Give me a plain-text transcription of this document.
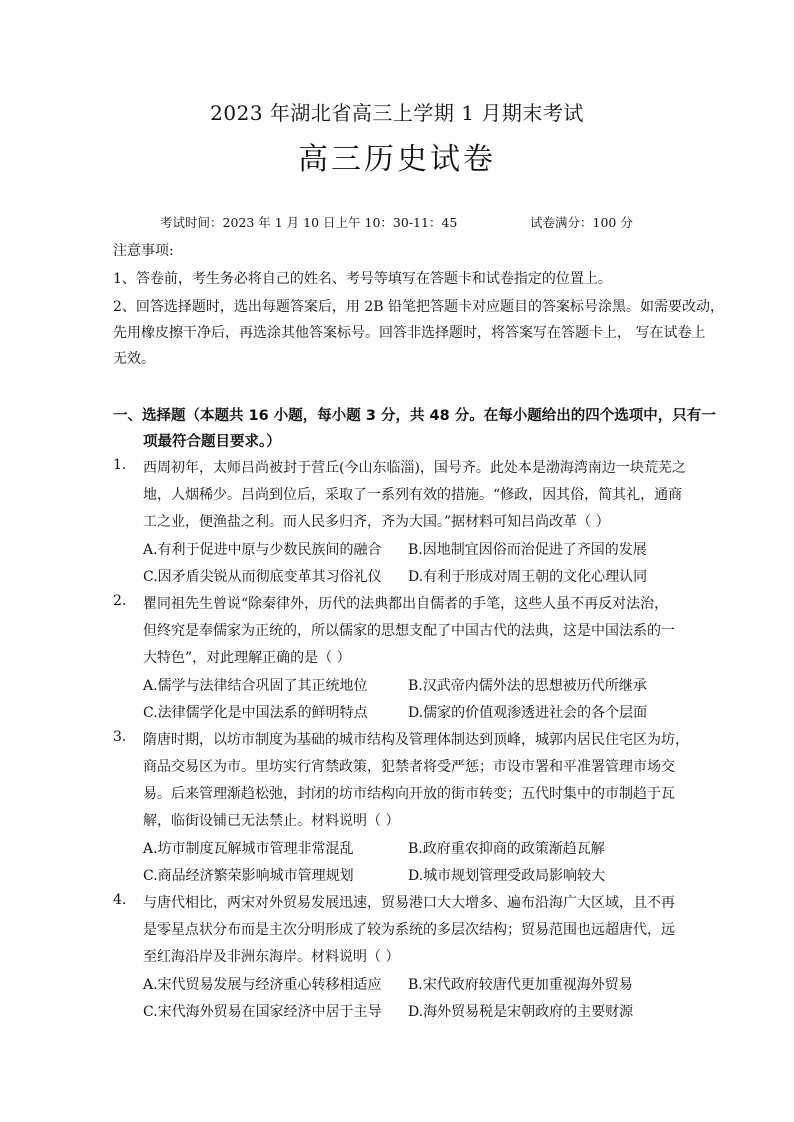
2023 年湖北省高三上学期 1 月期末考试
高三历史试卷
考试时间：2023 年 1 月 10 日上午 10：30-11：45	试卷满分：100 分
注意事项:
1、答卷前，考生务必将自己的姓名、考号等填写在答题卡和试卷指定的位置上。
2、回答选择题时，选出每题答案后，用 2B 铅笔把答题卡对应题目的答案标号涂黑。如需要改动，
先用橡皮擦干净后，再选涂其他答案标号。回答非选择题时，将答案写在答题卡上， 写在试卷上
无效。
一、选择题（本题共 16 小题，每小题 3 分，共 48 分。在每小题给出的四个选项中，只有一
项最符合题目要求。）
1. 西周初年，太师吕尚被封于营丘(今山东临淄)，国号齐。此处本是渤海湾南边一块荒芜之
地，人烟稀少。吕尚到位后，采取了一系列有效的措施。“修政，因其俗，简其礼，通商
工之业，便渔盐之利。而人民多归齐，齐为大国。”据材料可知吕尚改革（ ）
A.有利于促进中原与少数民族间的融合 B.因地制宜因俗而治促进了齐国的发展
C.因矛盾尖锐从而彻底变革其习俗礼仪 D.有利于形成对周王朝的文化心理认同
2. 瞿同祖先生曾说“除秦律外，历代的法典都出自儒者的手笔，这些人虽不再反对法治，
但终究是奉儒家为正统的，所以儒家的思想支配了中国古代的法典，这是中国法系的一
大特色”，对此理解正确的是（ ）
A.儒学与法律结合巩固了其正统地位	B.汉武帝内儒外法的思想被历代所继承
C.法律儒学化是中国法系的鲜明特点	D.儒家的价值观渗透进社会的各个层面
3. 隋唐时期，以坊市制度为基础的城市结构及管理体制达到顶峰，城郭内居民住宅区为坊，
商品交易区为市。里坊实行宵禁政策，犯禁者将受严惩；市设市署和平准署管理市场交
易。后来管理渐趋松弛，封闭的坊市结构向开放的街市转变；五代时集中的市制趋于瓦
解，临街设铺已无法禁止。材料说明（ ）
A.坊市制度瓦解城市管理非常混乱	B.政府重农抑商的政策渐趋瓦解
C.商品经济繁荣影响城市管理规划	D.城市规划管理受政局影响较大
4. 与唐代相比，两宋对外贸易发展迅速，贸易港口大大增多、遍布沿海广大区域，且不再
是零星点状分布而是主次分明形成了较为系统的多层次结构；贸易范围也远超唐代，远
至红海沿岸及非洲东海岸。材料说明（ ）
A.宋代贸易发展与经济重心转移相适应 B.宋代政府较唐代更加重视海外贸易
C.宋代海外贸易在国家经济中居于主导 D.海外贸易税是宋朝政府的主要财源
